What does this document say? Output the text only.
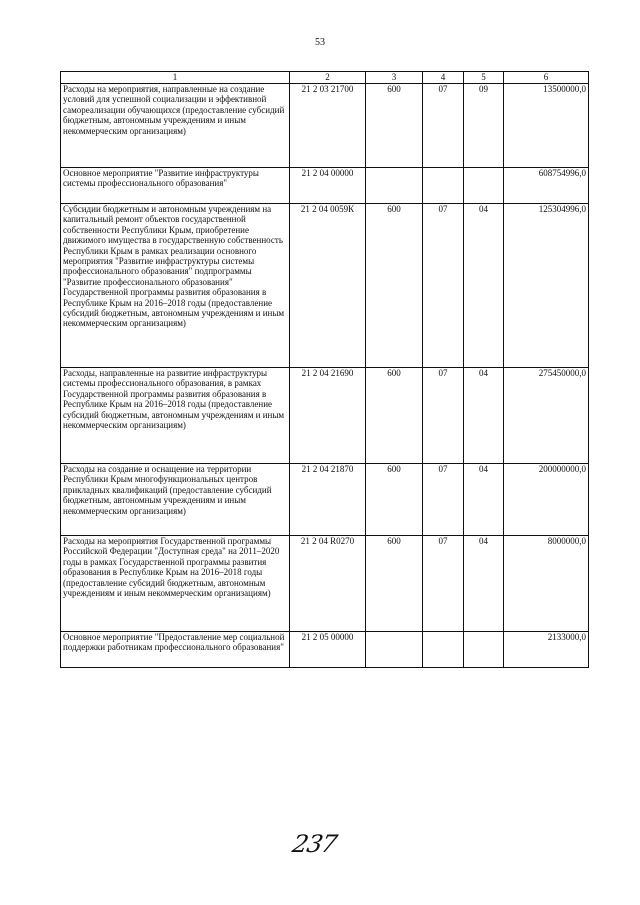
53
1	2	3	4	5	6
Расходы на мероприятия, направленные на создание условий для успешной социализации и эффективной самореализации обучающихся (предоставление субсидий бюджетным, автономным учреждениям и иным некоммерческим организациям)	21 2 03 21700	600	07	09	13500000,0
Основное мероприятие "Развитие инфраструктуры системы профессионального образования"	21 2 04 00000				608754996,0
Субсидии бюджетным и автономным учреждениям на капитальный ремонт объектов государственной собственности Республики Крым, приобретение движимого имущества в государственную собственность Республики Крым в рамках реализации основного мероприятия "Развитие инфраструктуры системы профессионального образования" подпрограммы "Развитие профессионального образования" Государственной программы развития образования в Республике Крым на 2016–2018 годы (предоставление субсидий бюджетным, автономным учреждениям и иным некоммерческим организациям)	21 2 04 0059К	600	07	04	125304996,0
Расходы, направленные на развитие инфраструктуры системы профессионального образования, в рамках Государственной программы развития образования в Республике Крым на 2016–2018 годы (предоставление субсидий бюджетным, автономным учреждениям и иным некоммерческим организациям)	21 2 04 21690	600	07	04	275450000,0
Расходы на создание и оснащение на территории Республики Крым многофункциональных центров прикладных квалификаций (предоставление субсидий бюджетным, автономным учреждениям и иным некоммерческим организациям)	21 2 04 21870	600	07	04	200000000,0
Расходы на мероприятия Государственной программы Российской Федерации "Доступная среда" на 2011–2020 годы в рамках Государственной программы развития образования в Республике Крым на 2016–2018 годы (предоставление субсидий бюджетным, автономным учреждениям и иным некоммерческим организациям)	21 2 04 R0270	600	07	04	8000000,0
Основное мероприятие "Предоставление мер социальной поддержки работникам профессионального образования"	21 2 05 00000				2133000,0
237
